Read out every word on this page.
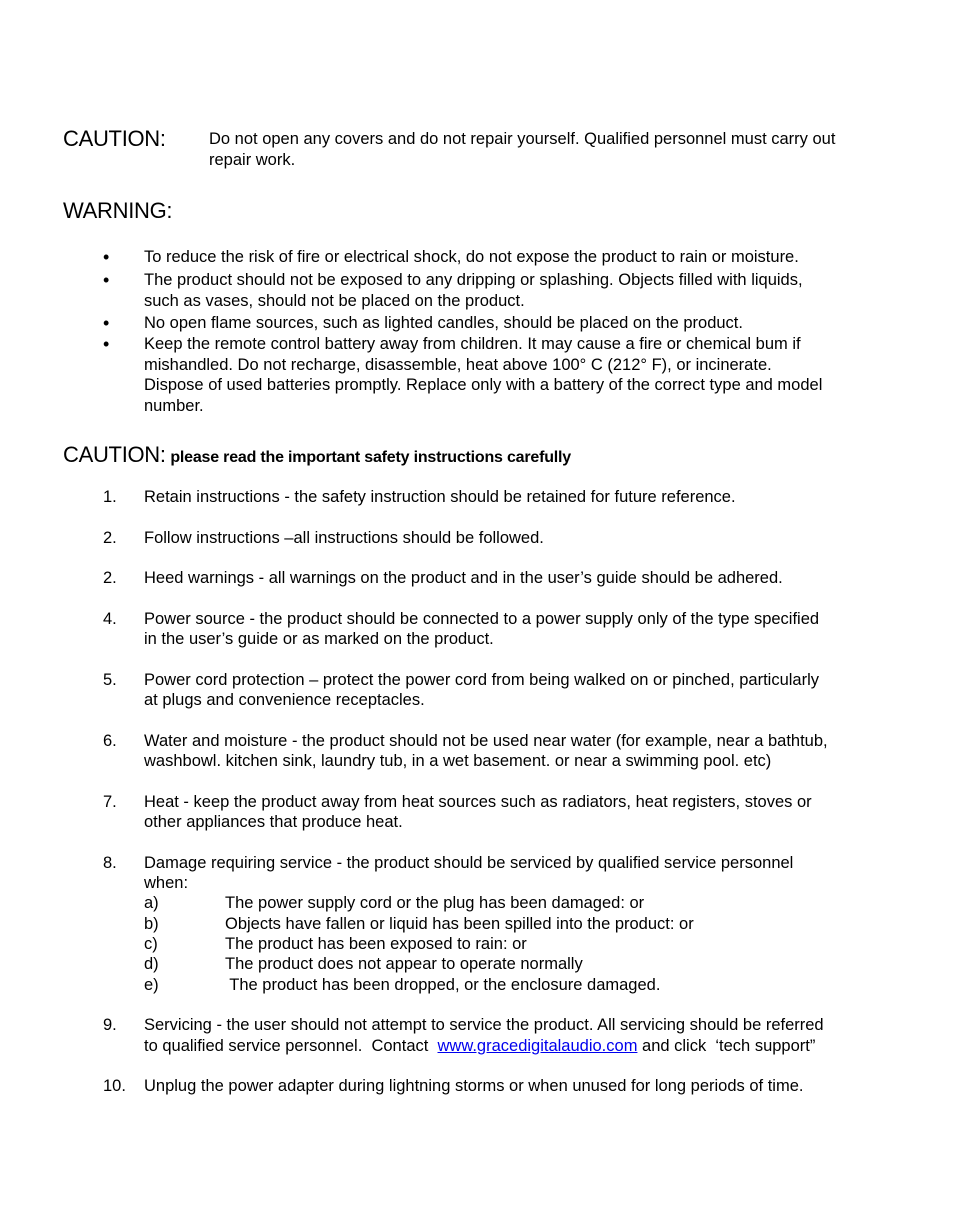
CAUTION:	Do not open any covers and do not repair yourself. Qualified personnel must carry out
repair work.
WARNING:
• To reduce the risk of fire or electrical shock, do not expose the product to rain or moisture.
• The product should not be exposed to any dripping or splashing. Objects filled with liquids,
such as vases, should not be placed on the product.
• No open flame sources, such as lighted candles, should be placed on the product.
• Keep the remote control battery away from children. It may cause a fire or chemical bum if
mishandled. Do not recharge, disassemble, heat above 100° C (212° F), or incinerate.
Dispose of used batteries promptly. Replace only with a battery of the correct type and model
number.
CAUTION: please read the important safety instructions carefully
1. Retain instructions - the safety instruction should be retained for future reference.
2. Follow instructions –all instructions should be followed.
2. Heed warnings - all warnings on the product and in the user’s guide should be adhered.
4. Power source - the product should be connected to a power supply only of the type specified
in the user’s guide or as marked on the product.
5. Power cord protection – protect the power cord from being walked on or pinched, particularly
at plugs and convenience receptacles.
6. Water and moisture - the product should not be used near water (for example, near a bathtub,
washbowl. kitchen sink, laundry tub, in a wet basement. or near a swimming pool. etc)
7. Heat - keep the product away from heat sources such as radiators, heat registers, stoves or
other appliances that produce heat.
8. Damage requiring service - the product should be serviced by qualified service personnel
when:
a)	The power supply cord or the plug has been damaged: or
b)	Objects have fallen or liquid has been spilled into the product: or
c)	The product has been exposed to rain: or
d)	The product does not appear to operate normally
e)	The product has been dropped, or the enclosure damaged.
9. Servicing - the user should not attempt to service the product. All servicing should be referred
to qualified service personnel.  Contact  www.gracedigitalaudio.com and click  ‘tech support”
10. Unplug the power adapter during lightning storms or when unused for long periods of time.
